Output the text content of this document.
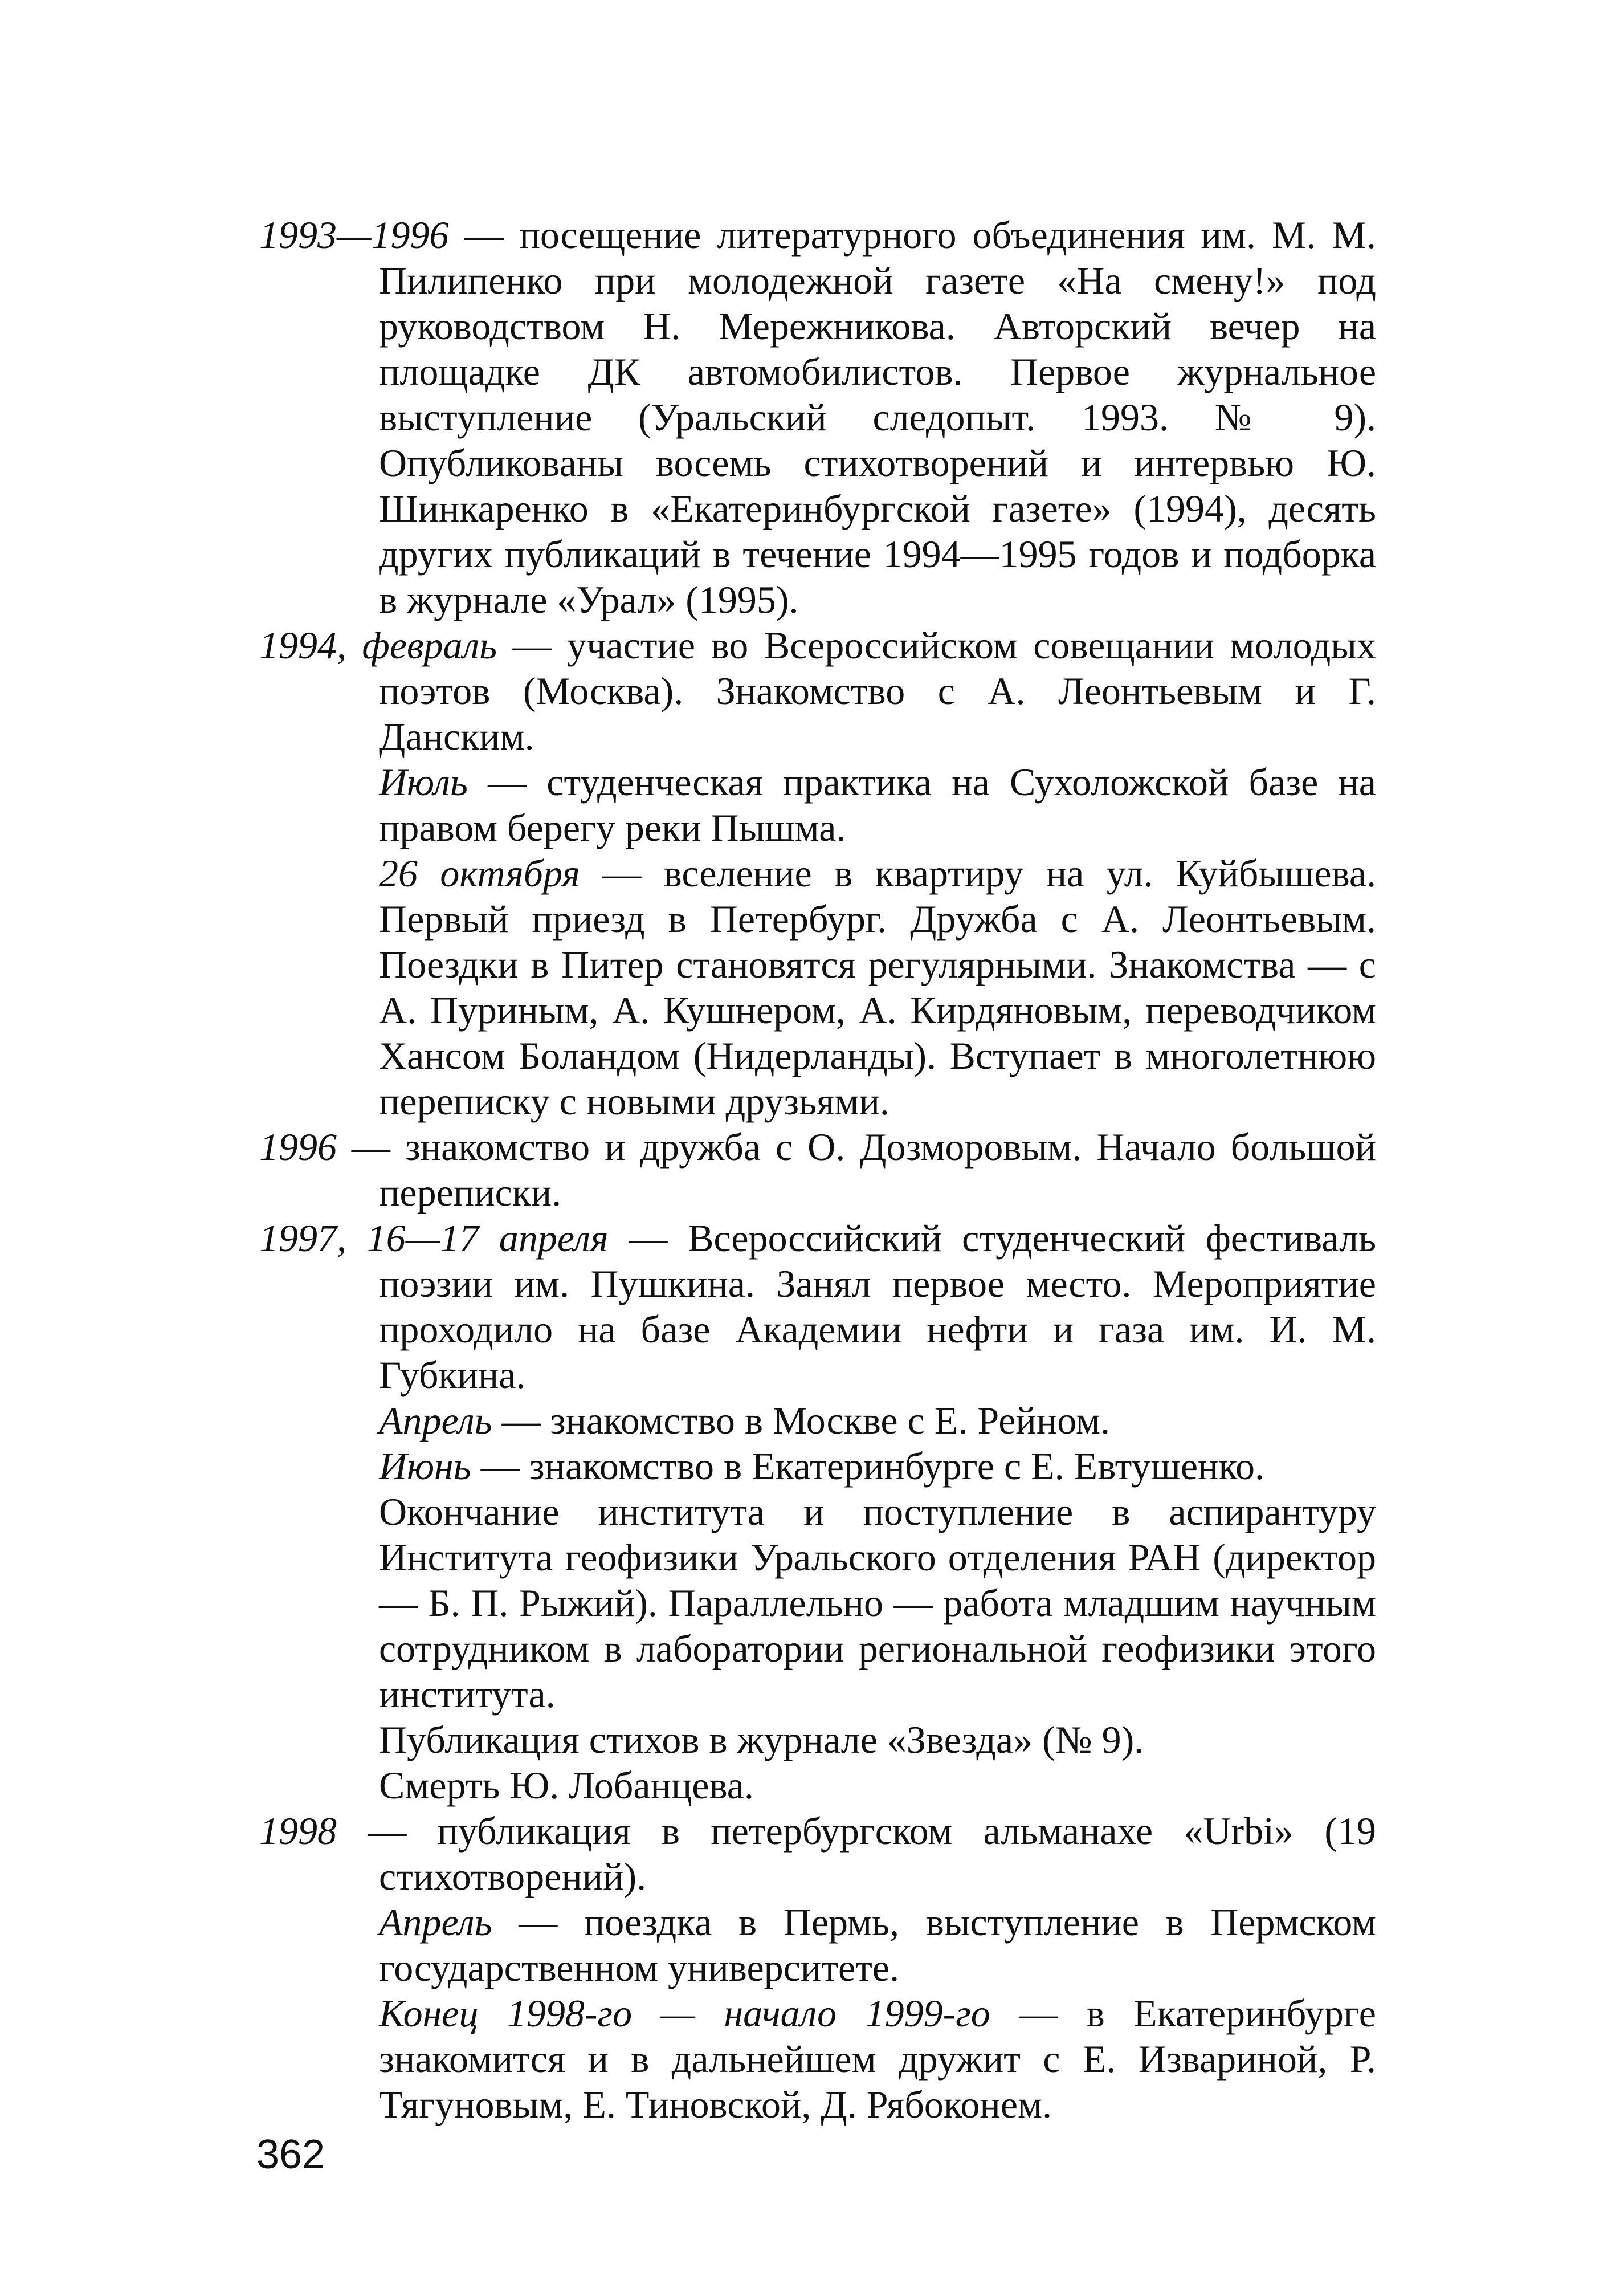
1993—1996 — посещение литературного объединения им. М. М. Пилипенко при молодежной газете «На смену!» под руководством Н. Мережникова. Авторский вечер на площадке ДК автомобилистов. Первое журнальное выступление (Уральский следопыт. 1993. № 9). Опубликованы восемь стихотворений и интервью Ю. Шинкаренко в «Екатеринбургской газете» (1994), десять других публикаций в течение 1994—1995 годов и подборка в журнале «Урал» (1995).

1994, февраль — участие во Всероссийском совещании молодых поэтов (Москва). Знакомство с А. Леонтьевым и Г. Данским.

Июль — студенческая практика на Сухоложской базе на правом берегу реки Пышма.

26 октября — вселение в квартиру на ул. Куйбышева. Первый приезд в Петербург. Дружба с А. Леонтьевым. Поездки в Питер становятся регулярными. Знакомства — с А. Пуриным, А. Кушнером, А. Кирдяновым, переводчиком Хансом Боландом (Нидерланды). Вступает в многолетнюю переписку с новыми друзьями.

1996 — знакомство и дружба с О. Дозморовым. Начало большой переписки.

1997, 16—17 апреля — Всероссийский студенческий фестиваль поэзии им. Пушкина. Занял первое место. Мероприятие проходило на базе Академии нефти и газа им. И. М. Губкина.

Апрель — знакомство в Москве с Е. Рейном.

Июнь — знакомство в Екатеринбурге с Е. Евтушенко.

Окончание института и поступление в аспирантуру Института геофизики Уральского отделения РАН (директор — Б. П. Рыжий). Параллельно — работа младшим научным сотрудником в лаборатории региональной геофизики этого института.

Публикация стихов в журнале «Звезда» (№ 9).

Смерть Ю. Лобанцева.

1998 — публикация в петербургском альманахе «Urbi» (19 стихотворений).

Апрель — поездка в Пермь, выступление в Пермском государственном университете.

Конец 1998-го — начало 1999-го — в Екатеринбурге знакомится и в дальнейшем дружит с Е. Извариной, Р. Тягуновым, Е. Тиновской, Д. Рябоконем.

362
